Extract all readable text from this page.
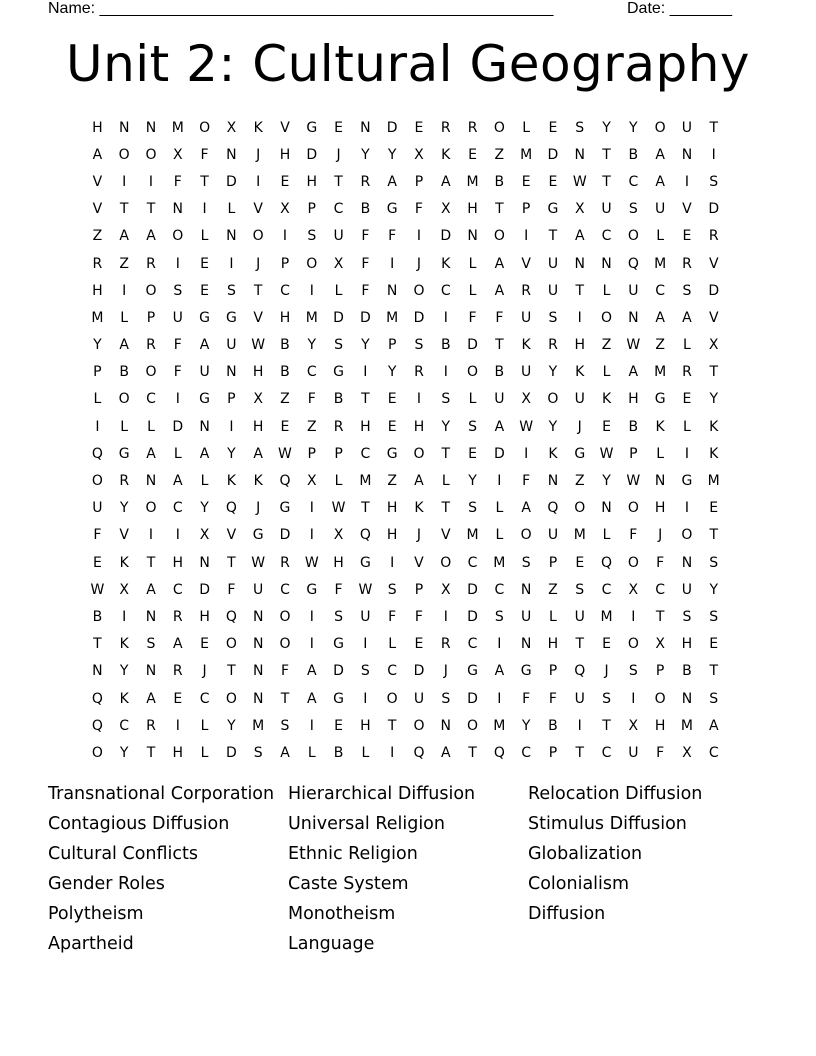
Name: ___________________________________________________	Date: _______
Unit 2: Cultural Geography
H	N	N	M	O	X	K	V	G	E	N	D	E	R	R	O	L	E	S	Y	Y	O	U	T
A	O	O	X	F	N	J	H	D	J	Y	Y	X	K	E	Z	M	D	N	T	B	A	N	I
V	I	I	F	T	D	I	E	H	T	R	A	P	A	M	B	E	E	W	T	C	A	I	S
V	T	T	N	I	L	V	X	P	C	B	G	F	X	H	T	P	G	X	U	S	U	V	D
Z	A	A	O	L	N	O	I	S	U	F	F	I	D	N	O	I	T	A	C	O	L	E	R
R	Z	R	I	E	I	J	P	O	X	F	I	J	K	L	A	V	U	N	N	Q	M	R	V
H	I	O	S	E	S	T	C	I	L	F	N	O	C	L	A	R	U	T	L	U	C	S	D
M	L	P	U	G	G	V	H	M	D	D	M	D	I	F	F	U	S	I	O	N	A	A	V
Y	A	R	F	A	U	W	B	Y	S	Y	P	S	B	D	T	K	R	H	Z	W	Z	L	X
P	B	O	F	U	N	H	B	C	G	I	Y	R	I	O	B	U	Y	K	L	A	M	R	T
L	O	C	I	G	P	X	Z	F	B	T	E	I	S	L	U	X	O	U	K	H	G	E	Y
I	L	L	D	N	I	H	E	Z	R	H	E	H	Y	S	A	W	Y	J	E	B	K	L	K
Q	G	A	L	A	Y	A	W	P	P	C	G	O	T	E	D	I	K	G	W	P	L	I	K
O	R	N	A	L	K	K	Q	X	L	M	Z	A	L	Y	I	F	N	Z	Y	W	N	G	M
U	Y	O	C	Y	Q	J	G	I	W	T	H	K	T	S	L	A	Q	O	N	O	H	I	E
F	V	I	I	X	V	G	D	I	X	Q	H	J	V	M	L	O	U	M	L	F	J	O	T
E	K	T	H	N	T	W	R	W	H	G	I	V	O	C	M	S	P	E	Q	O	F	N	S
W	X	A	C	D	F	U	C	G	F	W	S	P	X	D	C	N	Z	S	C	X	C	U	Y
B	I	N	R	H	Q	N	O	I	S	U	F	F	I	D	S	U	L	U	M	I	T	S	S
T	K	S	A	E	O	N	O	I	G	I	L	E	R	C	I	N	H	T	E	O	X	H	E
N	Y	N	R	J	T	N	F	A	D	S	C	D	J	G	A	G	P	Q	J	S	P	B	T
Q	K	A	E	C	O	N	T	A	G	I	O	U	S	D	I	F	F	U	S	I	O	N	S
Q	C	R	I	L	Y	M	S	I	E	H	T	O	N	O	M	Y	B	I	T	X	H	M	A
O	Y	T	H	L	D	S	A	L	B	L	I	Q	A	T	Q	C	P	T	C	U	F	X	C
Transnational Corporation
Contagious Diffusion
Cultural Conflicts
Gender Roles
Polytheism
Apartheid
Hierarchical Diffusion
Universal Religion
Ethnic Religion
Caste System
Monotheism
Language
Relocation Diffusion
Stimulus Diffusion
Globalization
Colonialism
Diffusion
